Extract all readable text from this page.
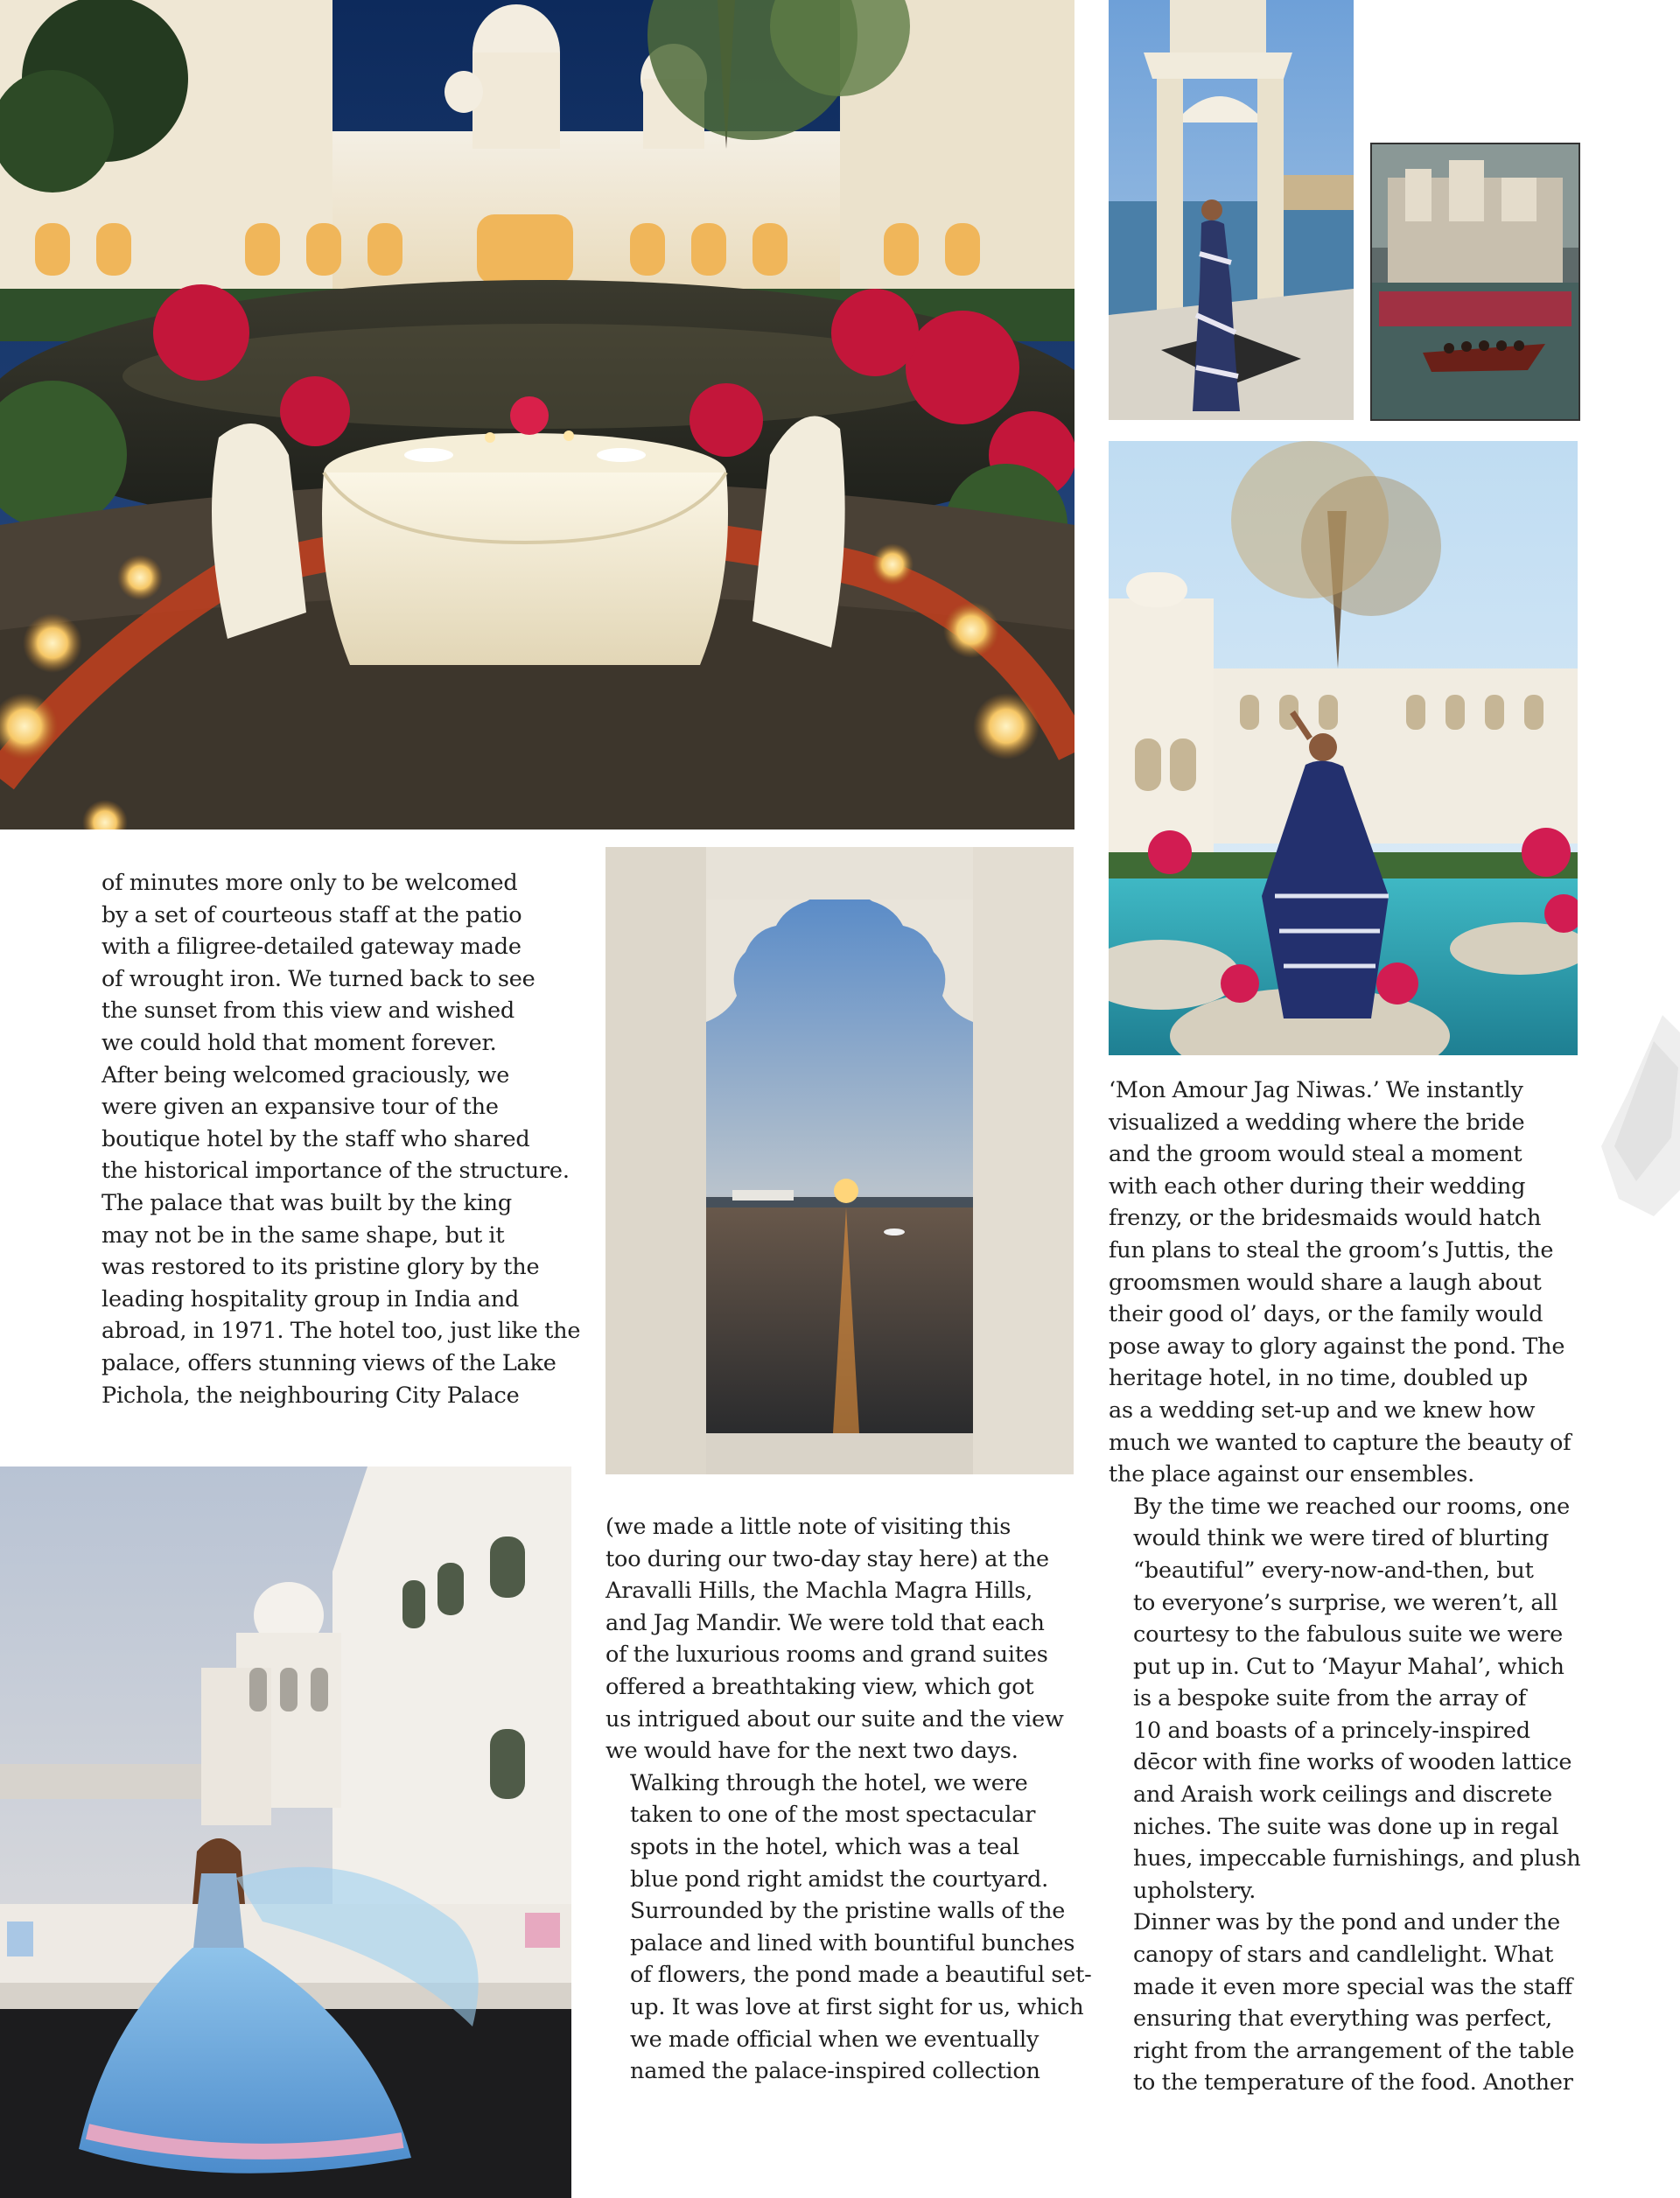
of minutes more only to be welcomed
by a set of courteous staff at the patio
with a filigree-detailed gateway made
of wrought iron. We turned back to see
the sunset from this view and wished
we could hold that moment forever.
After being welcomed graciously, we
were given an expansive tour of the
boutique hotel by the staff who shared
the historical importance of the structure.
The palace that was built by the king
may not be in the same shape, but it
was restored to its pristine glory by the
leading hospitality group in India and
abroad, in 1971. The hotel too, just like the
palace, offers stunning views of the Lake
Pichola, the neighbouring City Palace

(we made a little note of visiting this
too during our two-day stay here) at the
Aravalli Hills, the Machla Magra Hills,
and Jag Mandir. We were told that each
of the luxurious rooms and grand suites
offered a breathtaking view, which got
us intrigued about our suite and the view
we would have for the next two days.

Walking through the hotel, we were
taken to one of the most spectacular
spots in the hotel, which was a teal
blue pond right amidst the courtyard.
Surrounded by the pristine walls of the
palace and lined with bountiful bunches
of flowers, the pond made a beautiful set-
up. It was love at first sight for us, which
we made official when we eventually
named the palace-inspired collection

‘Mon Amour Jag Niwas.’ We instantly
visualized a wedding where the bride
and the groom would steal a moment
with each other during their wedding
frenzy, or the bridesmaids would hatch
fun plans to steal the groom’s Juttis, the
groomsmen would share a laugh about
their good ol’ days, or the family would
pose away to glory against the pond. The
heritage hotel, in no time, doubled up
as a wedding set-up and we knew how
much we wanted to capture the beauty of
the place against our ensembles.

By the time we reached our rooms, one
would think we were tired of blurting
“beautiful” every-now-and-then, but
to everyone’s surprise, we weren’t, all
courtesy to the fabulous suite we were
put up in. Cut to ‘Mayur Mahal’, which
is a bespoke suite from the array of
10 and boasts of a princely-inspired
dēcor with fine works of wooden lattice
and Araish work ceilings and discrete
niches. The suite was done up in regal
hues, impeccable furnishings, and plush
upholstery.

Dinner was by the pond and under the
canopy of stars and candlelight. What
made it even more special was the staff
ensuring that everything was perfect,
right from the arrangement of the table
to the temperature of the food. Another
